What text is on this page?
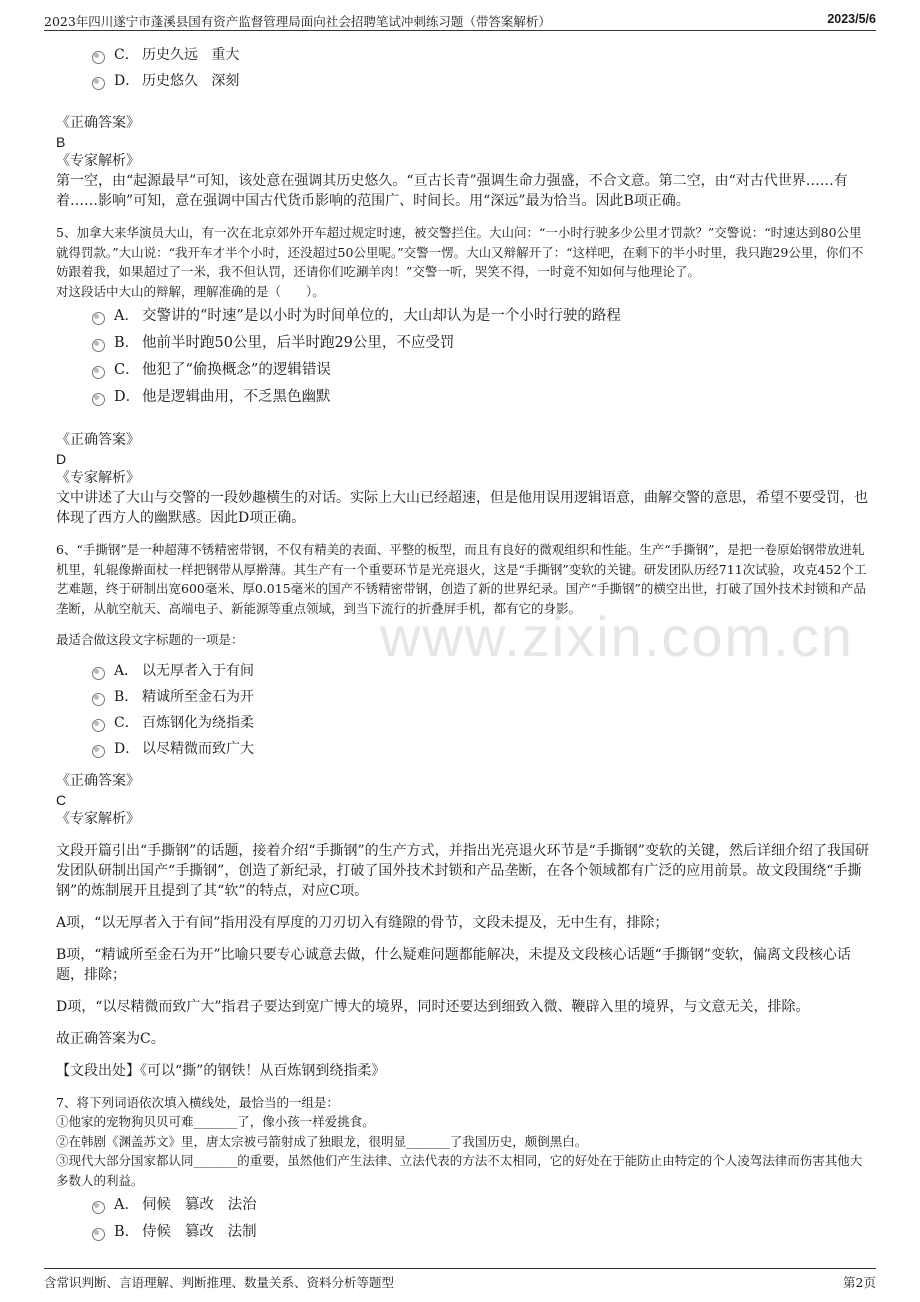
2023年四川遂宁市蓬溪县国有资产监督管理局面向社会招聘笔试冲刺练习题（带答案解析）	2023/5/6
www.zixin.com.cn
C． 历史久远   重大
D． 历史悠久   深刻
《正确答案》
B
《专家解析》
第一空，由“起源最早”可知，该处意在强调其历史悠久。“亘古长青”强调生命力强盛，不合文意。第二空，由“对古代世界……有着……影响”可知，意在强调中国古代货币影响的范围广、时间长。用“深远”最为恰当。因此B项正确。
5、加拿大来华演员大山，有一次在北京郊外开车超过规定时速，被交警拦住。大山问：“一小时行驶多少公里才罚款？”交警说：“时速达到80公里就得罚款。”大山说：“我开车才半个小时，还没超过50公里呢。”交警一愣。大山又辩解开了：“这样吧，在剩下的半小时里，我只跑29公里，你们不妨跟着我，如果超过了一米，我不但认罚，还请你们吃涮羊肉！”交警一听，哭笑不得，一时竟不知如何与他理论了。
对这段话中大山的辩解，理解准确的是（　　）。
A． 交警讲的“时速”是以小时为时间单位的，大山却认为是一个小时行驶的路程
B． 他前半时跑50公里，后半时跑29公里，不应受罚
C． 他犯了“偷换概念”的逻辑错误
D． 他是逻辑曲用，不乏黑色幽默
《正确答案》
D
《专家解析》
文中讲述了大山与交警的一段妙趣横生的对话。实际上大山已经超速，但是他用误用逻辑语意，曲解交警的意思，希望不要受罚，也体现了西方人的幽默感。因此D项正确。
6、“手撕钢”是一种超薄不锈精密带钢，不仅有精美的表面、平整的板型，而且有良好的微观组织和性能。生产“手撕钢”，是把一卷原始钢带放进轧机里，轧辊像擀面杖一样把钢带从厚擀薄。其生产有一个重要环节是光亮退火，这是“手撕钢”变软的关键。研发团队历经711次试验，攻克452个工艺难题，终于研制出宽600毫米、厚0.015毫米的国产不锈精密带钢，创造了新的世界纪录。国产“手撕钢”的横空出世，打破了国外技术封锁和产品垄断，从航空航天、高端电子、新能源等重点领域，到当下流行的折叠屏手机，都有它的身影。
最适合做这段文字标题的一项是：
A． 以无厚者入于有间
B． 精诚所至金石为开
C． 百炼钢化为绕指柔
D． 以尽精微而致广大
《正确答案》
C
《专家解析》
文段开篇引出“手撕钢”的话题，接着介绍“手撕钢”的生产方式，并指出光亮退火环节是“手撕钢”变软的关键，然后详细介绍了我国研发团队研制出国产“手撕钢”，创造了新纪录，打破了国外技术封锁和产品垄断，在各个领域都有广泛的应用前景。故文段围绕“手撕钢”的炼制展开且提到了其“软”的特点，对应C项。
A项，“以无厚者入于有间”指用没有厚度的刀刃切入有缝隙的骨节，文段未提及，无中生有，排除；
B项，“精诚所至金石为开”比喻只要专心诚意去做，什么疑难问题都能解决，未提及文段核心话题“手撕钢”变软，偏离文段核心话题，排除；
D项，“以尽精微而致广大”指君子要达到宽广博大的境界，同时还要达到细致入微、鞭辟入里的境界，与文意无关，排除。
故正确答案为C。
【文段出处】《可以“撕”的钢铁！从百炼钢到绕指柔》
7、将下列词语依次填入横线处，最恰当的一组是：
①他家的宠物狗贝贝可难_______了，像小孩一样爱挑食。
②在韩剧《渊盖苏文》里，唐太宗被弓箭射成了独眼龙，很明显_______了我国历史，颇倒黑白。
③现代大部分国家都认同_______的重要，虽然他们产生法律、立法代表的方法不太相同，它的好处在于能防止由特定的个人凌驾法律而伤害其他大多数人的利益。
A． 伺候   篡改   法治
B． 侍候   篡改   法制
含常识判断、言语理解、判断推理、数量关系、资料分析等题型	第2页
